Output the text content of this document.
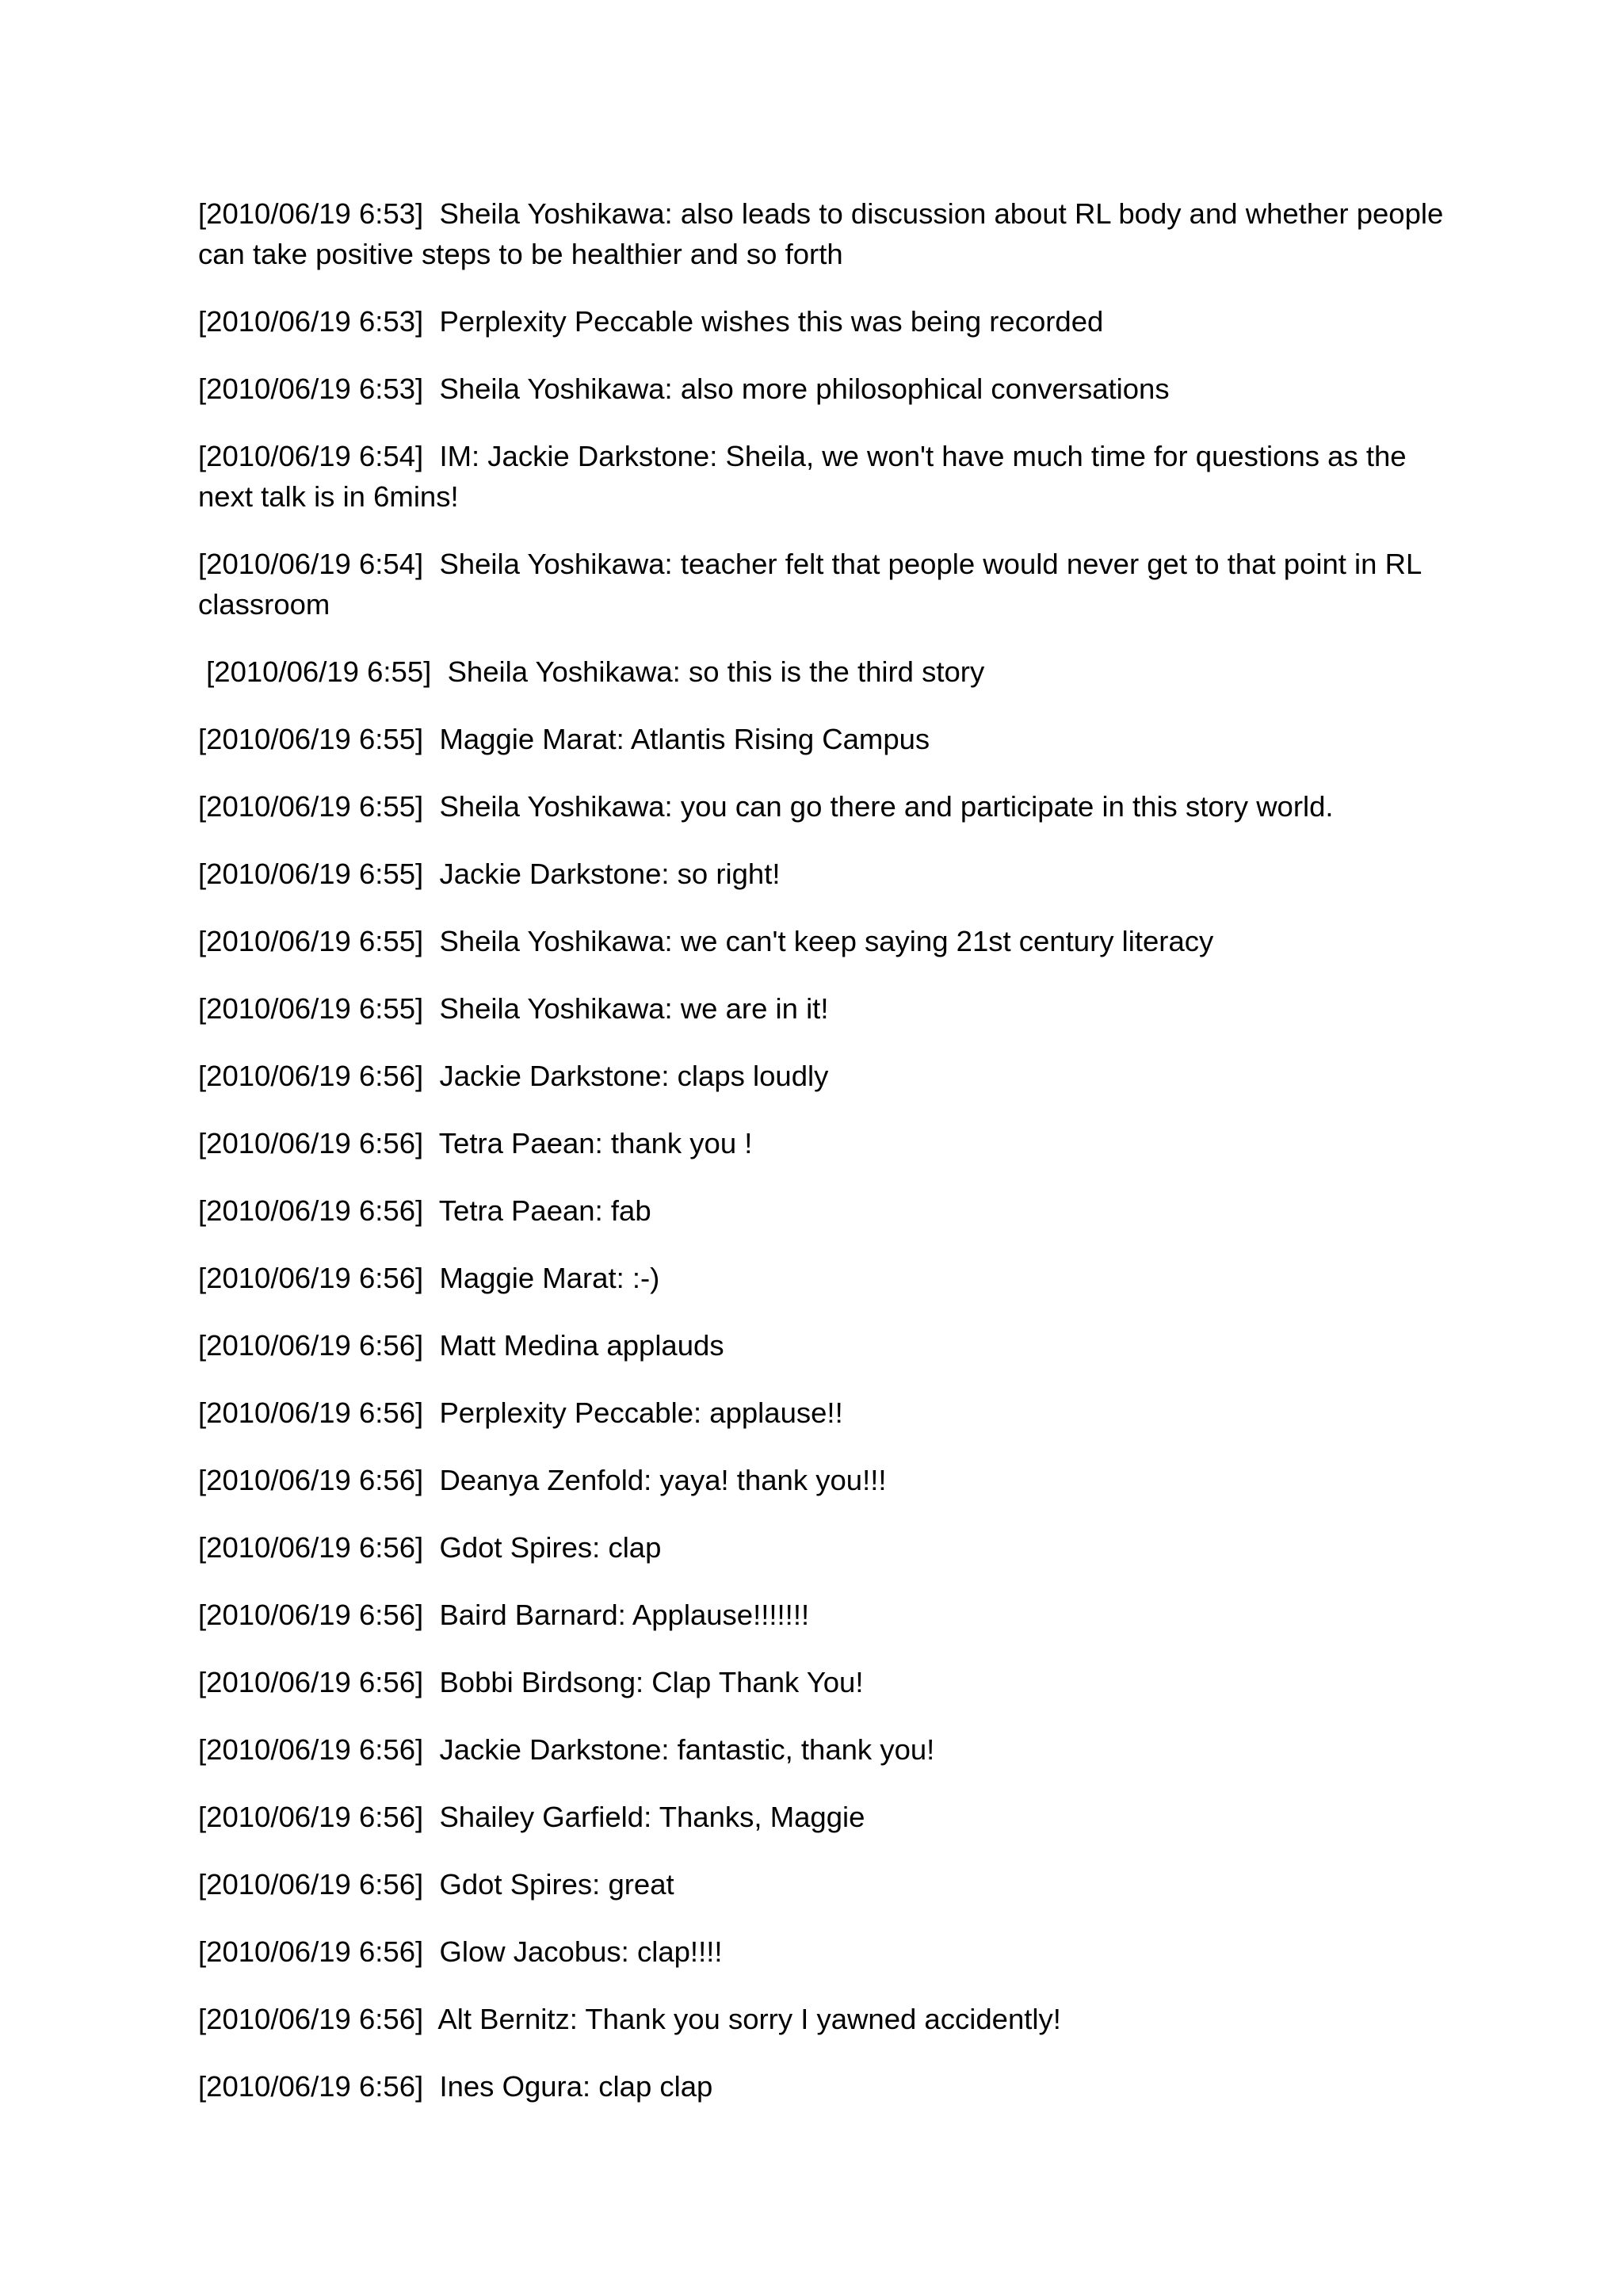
[2010/06/19 6:53] Sheila Yoshikawa: also leads to discussion about RL body and whether people can take positive steps to be healthier and so forth

[2010/06/19 6:53] Perplexity Peccable wishes this was being recorded

[2010/06/19 6:53] Sheila Yoshikawa: also more philosophical conversations

[2010/06/19 6:54] IM: Jackie Darkstone: Sheila, we won't have much time for questions as the next talk is in 6mins!

[2010/06/19 6:54] Sheila Yoshikawa: teacher felt that people would never get to that point in RL classroom

[2010/06/19 6:55] Sheila Yoshikawa: so this is the third story

[2010/06/19 6:55] Maggie Marat: Atlantis Rising Campus

[2010/06/19 6:55] Sheila Yoshikawa: you can go there and participate in this story world.

[2010/06/19 6:55] Jackie Darkstone: so right!

[2010/06/19 6:55] Sheila Yoshikawa: we can't keep saying 21st century literacy

[2010/06/19 6:55] Sheila Yoshikawa: we are in it!

[2010/06/19 6:56] Jackie Darkstone: claps loudly

[2010/06/19 6:56] Tetra Paean: thank you !

[2010/06/19 6:56] Tetra Paean: fab

[2010/06/19 6:56] Maggie Marat: :-)

[2010/06/19 6:56] Matt Medina applauds

[2010/06/19 6:56] Perplexity Peccable: applause!!

[2010/06/19 6:56] Deanya Zenfold: yaya! thank you!!!

[2010/06/19 6:56] Gdot Spires: clap

[2010/06/19 6:56] Baird Barnard: Applause!!!!!!!

[2010/06/19 6:56] Bobbi Birdsong: Clap Thank You!

[2010/06/19 6:56] Jackie Darkstone: fantastic, thank you!

[2010/06/19 6:56] Shailey Garfield: Thanks, Maggie

[2010/06/19 6:56] Gdot Spires: great

[2010/06/19 6:56] Glow Jacobus: clap!!!!

[2010/06/19 6:56] Alt Bernitz: Thank you sorry I yawned accidently!

[2010/06/19 6:56] Ines Ogura: clap clap
